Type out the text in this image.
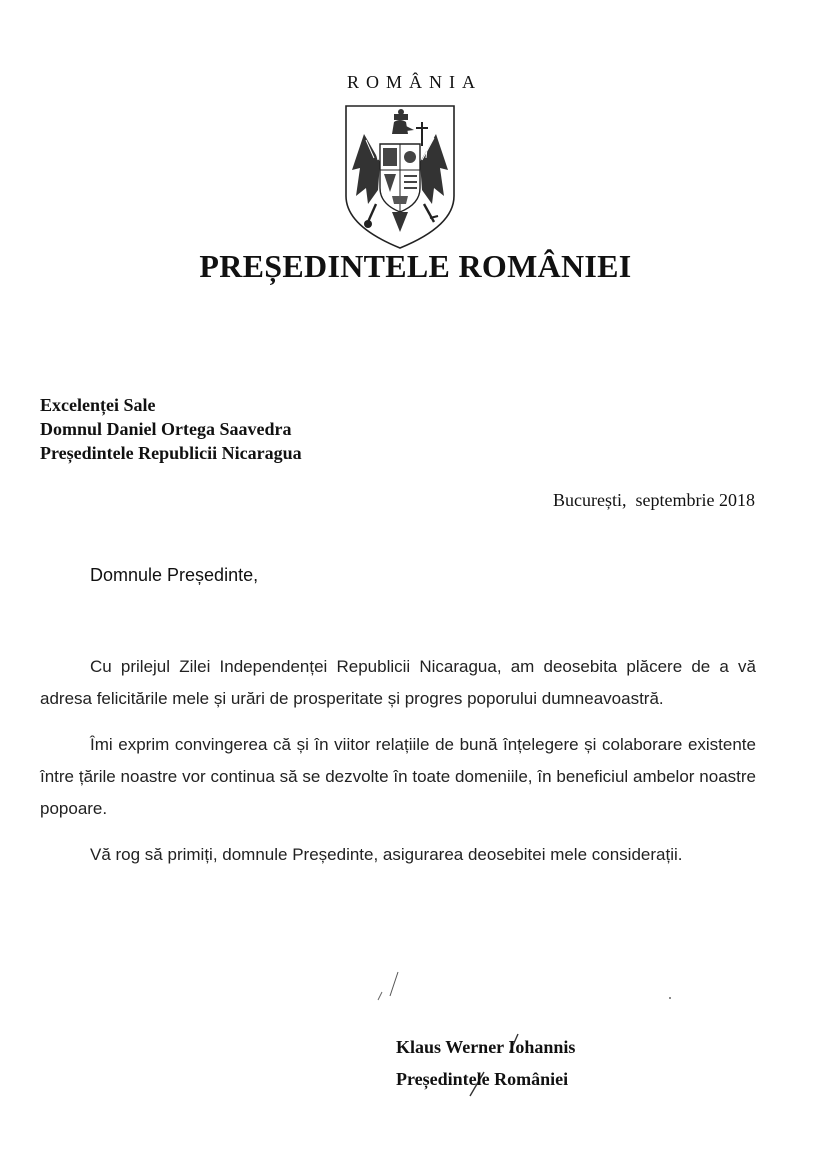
ROMÂNIA
PREȘEDINTELE ROMÂNIEI
Excelenței Sale
Domnul Daniel Ortega Saavedra
Președintele Republicii Nicaragua
București,  septembrie 2018
Domnule Președinte,

Cu prilejul Zilei Independenței Republicii Nicaragua, am deosebita plăcere de a vă adresa felicitările mele și urări de prosperitate și progres poporului dumneavoastră.

Îmi exprim convingerea că și în viitor relațiile de bună înțelegere și colaborare existente între țările noastre vor continua să se dezvolte în toate domeniile, în beneficiul ambelor noastre popoare.

Vă rog să primiți, domnule Președinte, asigurarea deosebitei mele considerații.

Klaus Werner Iohannis
Președintele României
